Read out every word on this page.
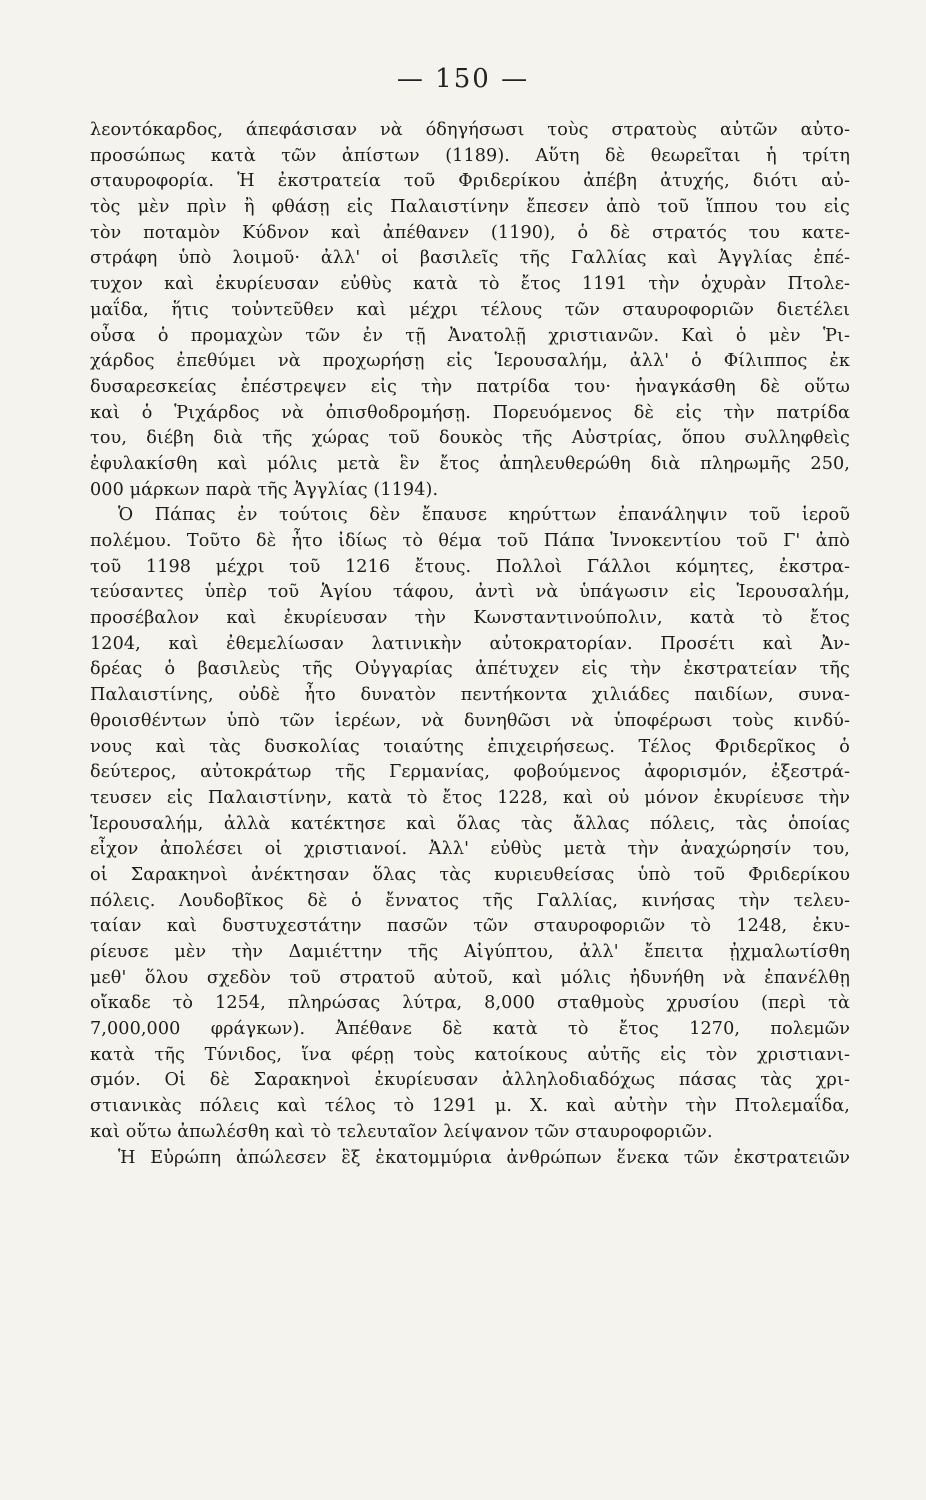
— 150 —
λεοντόκαρδος, άπεφάσισαν νὰ όδηγήσωσι τοὺς στρατοὺς αὐτῶν αὐτο-
προσώπως κατὰ τῶν ἀπίστων (1189). Αὕτη δὲ θεωρεῖται ἡ τρίτη
σταυροφορία. Ἡ ἐκστρατεία τοῦ Φριδερίκου ἀπέβη ἀτυχής, διότι αὐ-
τὸς μὲν πρὶν ἢ φθάσῃ εἰς Παλαιστίνην ἔπεσεν ἀπὸ τοῦ ἵππου του εἰς
τὸν ποταμὸν Κύδνον καὶ ἀπέθανεν (1190), ὁ δὲ στρατός του κατε-
στράφη ὑπὸ λοιμοῦ· ἀλλ' οἱ βασιλεῖς τῆς Γαλλίας καὶ Ἀγγλίας ἐπέ-
τυχον καὶ ἐκυρίευσαν εὐθὺς κατὰ τὸ ἔτος 1191 τὴν ὀχυρὰν Πτολε-
μαΐδα, ἥτις τοὐντεῦθεν καὶ μέχρι τέλους τῶν σταυροφοριῶν διετέλει
οὖσα ὁ προμαχὼν τῶν ἐν τῇ Ἀνατολῇ χριστιανῶν. Καὶ ὁ μὲν Ῥι-
χάρδος ἐπεθύμει νὰ προχωρήσῃ εἰς Ἱερουσαλήμ, ἀλλ' ὁ Φίλιππος ἐκ
δυσαρεσκείας ἐπέστρεψεν εἰς τὴν πατρίδα του· ἠναγκάσθη δὲ οὕτω
καὶ ὁ Ῥιχάρδος νὰ ὀπισθοδρομήσῃ. Πορευόμενος δὲ εἰς τὴν πατρίδα
του, διέβη διὰ τῆς χώρας τοῦ δουκὸς τῆς Αὐστρίας, ὅπου συλληφθεὶς
ἐφυλακίσθη καὶ μόλις μετὰ ἓν ἔτος ἀπηλευθερώθη διὰ πληρωμῆς 250,
000 μάρκων παρὰ τῆς Ἀγγλίας (1194).
Ὁ Πάπας ἐν τούτοις δὲν ἔπαυσε κηρύττων ἐπανάληψιν τοῦ ἱεροῦ
πολέμου. Τοῦτο δὲ ἦτο ἰδίως τὸ θέμα τοῦ Πάπα Ἰννοκεντίου τοῦ Γ' ἀπὸ
τοῦ 1198 μέχρι τοῦ 1216 ἔτους. Πολλοὶ Γάλλοι κόμητες, ἐκστρα-
τεύσαντες ὑπὲρ τοῦ Ἁγίου τάφου, ἀντὶ νὰ ὑπάγωσιν εἰς Ἱερουσαλήμ,
προσέβαλον καὶ ἐκυρίευσαν τὴν Κωνσταντινούπολιν, κατὰ τὸ ἔτος
1204, καὶ ἐθεμελίωσαν λατινικὴν αὐτοκρατορίαν. Προσέτι καὶ Ἀν-
δρέας ὁ βασιλεὺς τῆς Οὐγγαρίας ἀπέτυχεν εἰς τὴν ἐκστρατείαν τῆς
Παλαιστίνης, οὐδὲ ἦτο δυνατὸν πεντήκοντα χιλιάδες παιδίων, συνα-
θροισθέντων ὑπὸ τῶν ἱερέων, νὰ δυνηθῶσι νὰ ὑποφέρωσι τοὺς κινδύ-
νους καὶ τὰς δυσκολίας τοιαύτης ἐπιχειρήσεως. Τέλος Φριδερῖκος ὁ
δεύτερος, αὐτοκράτωρ τῆς Γερμανίας, φοβούμενος ἀφορισμόν, ἐξεστρά-
τευσεν εἰς Παλαιστίνην, κατὰ τὸ ἔτος 1228, καὶ οὐ μόνον ἐκυρίευσε τὴν
Ἱερουσαλήμ, ἀλλὰ κατέκτησε καὶ ὅλας τὰς ἄλλας πόλεις, τὰς ὁποίας
εἶχον ἀπολέσει οἱ χριστιανοί. Ἀλλ' εὐθὺς μετὰ τὴν ἀναχώρησίν του,
οἱ Σαρακηνοὶ ἀνέκτησαν ὅλας τὰς κυριευθείσας ὑπὸ τοῦ Φριδερίκου
πόλεις. Λουδοβῖκος δὲ ὁ ἔννατος τῆς Γαλλίας, κινήσας τὴν τελευ-
ταίαν καὶ δυστυχεστάτην πασῶν τῶν σταυροφοριῶν τὸ 1248, ἐκυ-
ρίευσε μὲν τὴν Δαμιέττην τῆς Αἰγύπτου, ἀλλ' ἔπειτα ᾐχμαλωτίσθη
μεθ' ὅλου σχεδὸν τοῦ στρατοῦ αὐτοῦ, καὶ μόλις ἠδυνήθη νὰ ἐπανέλθῃ
οἴκαδε τὸ 1254, πληρώσας λύτρα, 8,000 σταθμοὺς χρυσίου (περὶ τὰ
7,000,000 φράγκων). Ἀπέθανε δὲ κατὰ τὸ ἔτος 1270, πολεμῶν
κατὰ τῆς Τύνιδος, ἵνα φέρῃ τοὺς κατοίκους αὐτῆς εἰς τὸν χριστιανι-
σμόν. Οἱ δὲ Σαρακηνοὶ ἐκυρίευσαν ἀλληλοδιαδόχως πάσας τὰς χρι-
στιανικὰς πόλεις καὶ τέλος τὸ 1291 μ. Χ. καὶ αὐτὴν τὴν Πτολεμαΐδα,
καὶ οὕτω ἀπωλέσθη καὶ τὸ τελευταῖον λείψανον τῶν σταυροφοριῶν.
Ἡ Εὐρώπη ἀπώλεσεν ἓξ ἑκατομμύρια ἀνθρώπων ἕνεκα τῶν ἐκστρατειῶν
